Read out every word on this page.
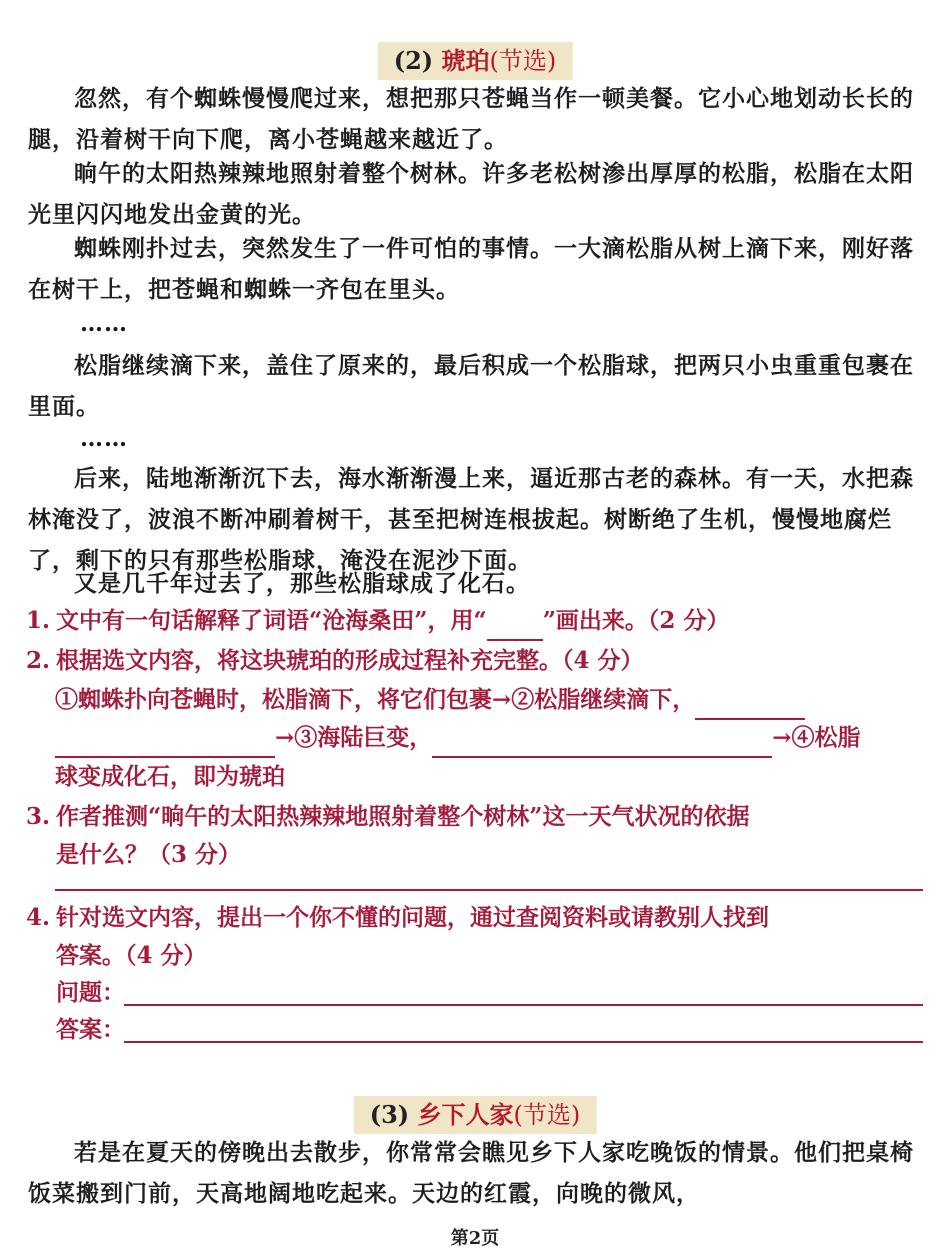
(2) 琥珀(节选)

忽然，有个蜘蛛慢慢爬过来，想把那只苍蝇当作一顿美餐。它小心地划动长长的腿，沿着树干向下爬，离小苍蝇越来越近了。

晌午的太阳热辣辣地照射着整个树林。许多老松树渗出厚厚的松脂，松脂在太阳光里闪闪地发出金黄的光。

蜘蛛刚扑过去，突然发生了一件可怕的事情。一大滴松脂从树上滴下来，刚好落在树干上，把苍蝇和蜘蛛一齐包在里头。

……

松脂继续滴下来，盖住了原来的，最后积成一个松脂球，把两只小虫重重包裹在里面。

……

后来，陆地渐渐沉下去，海水渐渐漫上来，逼近那古老的森林。有一天，水把森林淹没了，波浪不断冲刷着树干，甚至把树连根拔起。树断绝了生机，慢慢地腐烂了，剩下的只有那些松脂球，淹没在泥沙下面。

又是几千年过去了，那些松脂球成了化石。

1. 文中有一句话解释了词语“沧海桑田”，用“ ”画出来。（2 分）
2. 根据选文内容，将这块琥珀的形成过程补充完整。（4 分）
①蜘蛛扑向苍蝇时，松脂滴下，将它们包裹→②松脂继续滴下，
→③海陆巨变，	→④松脂
球变成化石，即为琥珀
3. 作者推测“晌午的太阳热辣辣地照射着整个树林”这一天气状况的依据
是什么？（3 分）
4. 针对选文内容，提出一个你不懂的问题，通过查阅资料或请教别人找到
答案。（4 分）
问题：
答案：
(3) 乡下人家(节选)

若是在夏天的傍晚出去散步，你常常会瞧见乡下人家吃晚饭的情景。他们把桌椅饭菜搬到门前，天高地阔地吃起来。天边的红霞，向晚的微风，

第2页
